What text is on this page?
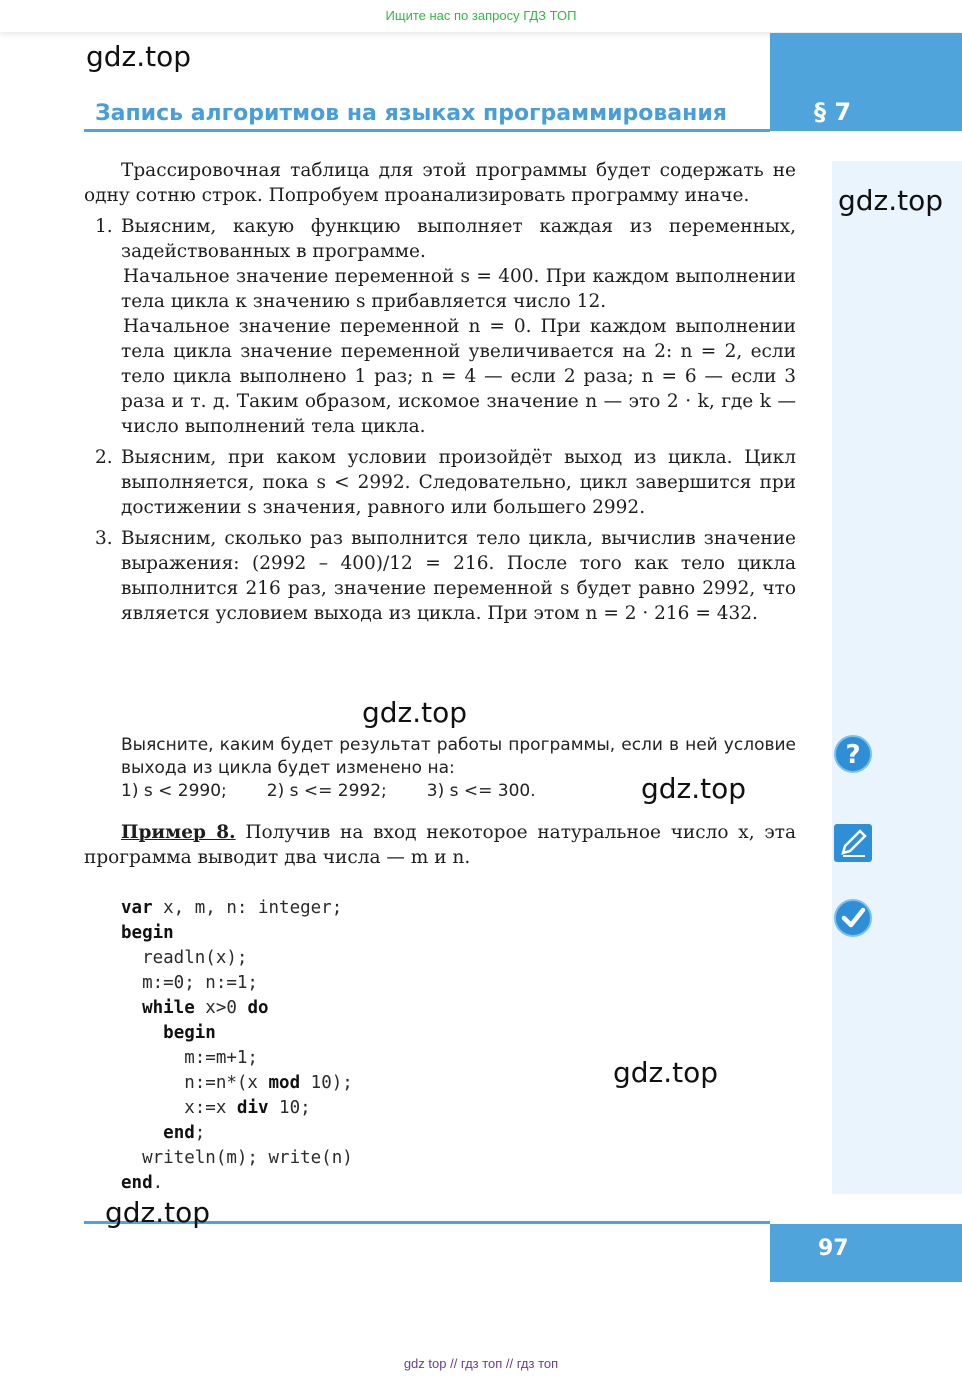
Ищите нас по запросу ГДЗ ТОП
§ 7
gdz.top
Запись алгоритмов на языках программирования
gdz.top

Трассировочная таблица для этой программы будет содержать не одну сотню строк. Попробуем проанализировать программу иначе.

1. Выясним, какую функцию выполняет каждая из переменных, задействованных в программе.

Начальное значение переменной s = 400. При каждом выполнении тела цикла к значению s прибавляется число 12.

Начальное значение переменной n = 0. При каждом выполнении тела цикла значение переменной увеличивается на 2: n = 2, если тело цикла выполнено 1 раз; n = 4 — если 2 раза; n = 6 — если 3 раза и т. д. Таким образом, искомое значение n — это 2 · k, где k — число выполнений тела цикла.

2. Выясним, при каком условии произойдёт выход из цикла. Цикл выполняется, пока s < 2992. Следовательно, цикл завершится при достижении s значения, равного или большего 2992.

3. Выясним, сколько раз выполнится тело цикла, вычислив значение выражения: (2992 – 400)/12 = 216. После того как тело цикла выполнится 216 раз, значение переменной s будет равно 2992, что является условием выхода из цикла. При этом n = 2 · 216 = 432.

gdz.top
Выясните, каким будет результат работы программы, если в ней условие выхода из цикла будет изменено на:
1) s < 2990; 2) s <= 2992; 3) s <= 300.	gdz.top
?
Пример 8. Получив на вход некоторое натуральное число x, эта программа выводит два числа — m и n.
var x, m, n: integer;
begin
readln(x);
m:=0; n:=1;
while x>0 do
begin
m:=m+1;
n:=n*(x mod 10);
x:=x div 10;
end;
writeln(m); write(n)
end.
gdz.top
gdz.top
97
gdz top // гдз топ // гдз топ
